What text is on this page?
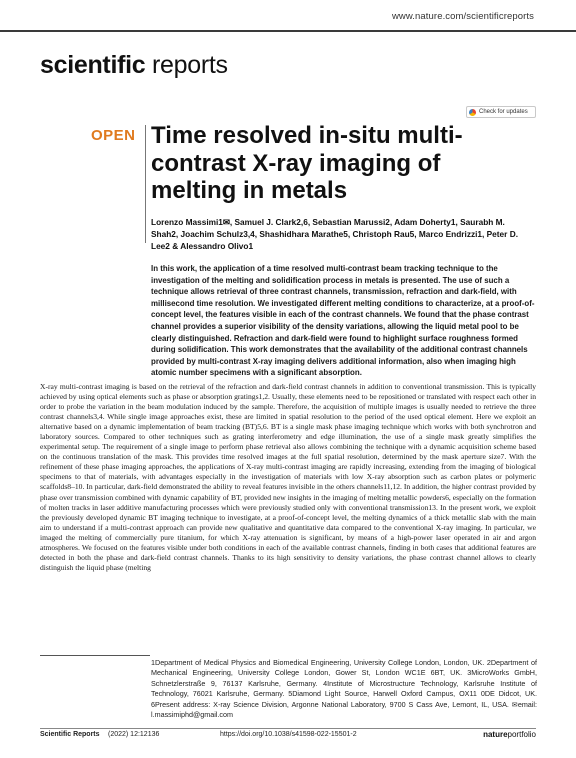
www.nature.com/scientificreports
scientific reports
Check for updates
OPEN Time resolved in-situ multi-contrast X-ray imaging of melting in metals
Lorenzo Massimi1✉, Samuel J. Clark2,6, Sebastian Marussi2, Adam Doherty1, Saurabh M. Shah2, Joachim Schulz3,4, Shashidhara Marathe5, Christoph Rau5, Marco Endrizzi1, Peter D. Lee2 & Alessandro Olivo1
In this work, the application of a time resolved multi-contrast beam tracking technique to the investigation of the melting and solidification process in metals is presented. The use of such a technique allows retrieval of three contrast channels, transmission, refraction and dark-field, with millisecond time resolution. We investigated different melting conditions to characterize, at a proof-of-concept level, the features visible in each of the contrast channels. We found that the phase contrast channel provides a superior visibility of the density variations, allowing the liquid metal pool to be clearly distinguished. Refraction and dark-field were found to highlight surface roughness formed during solidification. This work demonstrates that the availability of the additional contrast channels provided by multi-contrast X-ray imaging delivers additional information, also when imaging high atomic number specimens with a significant absorption.

X-ray multi-contrast imaging is based on the retrieval of the refraction and dark-field contrast channels in addition to conventional transmission. This is typically achieved by using optical elements such as phase or absorption gratings1,2. Usually, these elements need to be repositioned or translated with respect each other in order to probe the variation in the beam modulation induced by the sample. Therefore, the acquisition of multiple images is usually needed to retrieve the three contrast channels3,4. While single image approaches exist, these are limited in spatial resolution to the period of the used optical element. Here we exploit an alternative based on a dynamic implementation of beam tracking (BT)5,6. BT is a single mask phase imaging technique which works with both synchrotron and laboratory sources. Compared to other techniques such as grating interferometry and edge illumination, the use of a single mask greatly simplifies the experimental setup. The requirement of a single image to perform phase retrieval also allows combining the technique with a dynamic acquisition scheme based on the continuous translation of the mask. This provides time resolved images at the full spatial resolution, determined by the mask aperture size7. With the refinement of these phase imaging approaches, the applications of X-ray multi-contrast imaging are rapidly increasing, extending from the imaging of biological specimens to that of materials, with advantages especially in the investigation of materials with low X-ray absorption such as carbon plates or polymeric scaffolds8–10. In particular, dark-field demonstrated the ability to reveal features invisible in the others channels11,12. In addition, the higher contrast provided by phase over transmission combined with dynamic capability of BT, provided new insights in the imaging of melting metallic powders6, especially on the formation of molten tracks in laser additive manufacturing processes which were previously studied only with conventional transmission13. In the present work, we exploit the previously developed dynamic BT imaging technique to investigate, at a proof-of-concept level, the melting dynamics of a thick metallic slab with the main aim to understand if a multi-contrast approach can provide new qualitative and quantitative data compared to the conventional X-ray imaging. In particular, we imaged the melting of commercially pure titanium, for which X-ray attenuation is significant, by means of a high-power laser operated in air and argon atmospheres. We focused on the features visible under both conditions in each of the available contrast channels, finding in both cases that additional features are detected in both the phase and dark-field contrast channels. Thanks to its high sensitivity to density variations, the phase contrast channel allows to clearly distinguish the liquid phase (melting

1Department of Medical Physics and Biomedical Engineering, University College London, London, UK. 2Department of Mechanical Engineering, University College London, Gower St, London WC1E 6BT, UK. 3MicroWorks GmbH, Schnetzlerstraße 9, 76137 Karlsruhe, Germany. 4Institute of Microstructure Technology, Karlsruhe Institute of Technology, 76021 Karlsruhe, Germany. 5Diamond Light Source, Harwell Oxford Campus, OX11 0DE Didcot, UK. 6Present address: X-ray Science Division, Argonne National Laboratory, 9700 S Cass Ave, Lemont, IL, USA. ✉email: l.massimiphd@gmail.com
Scientific Reports (2022) 12:12136	https://doi.org/10.1038/s41598-022-15501-2	natureportfolio
